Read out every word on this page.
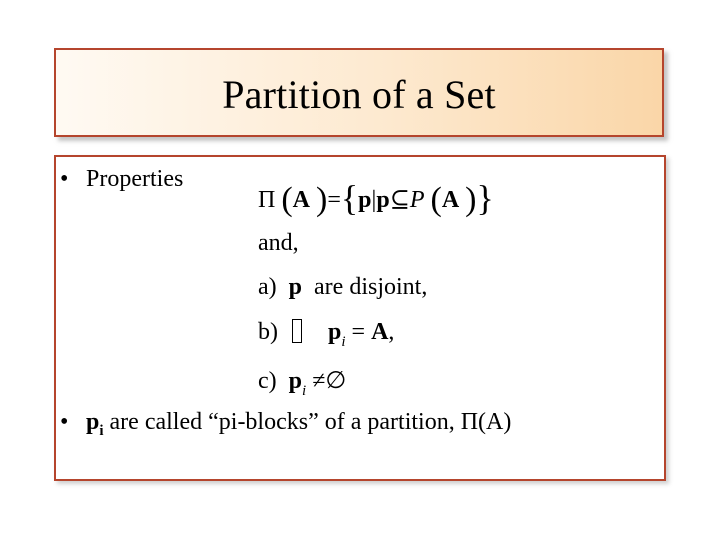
Partition of a Set
• Properties
Π (A )={p|p⊆P (A )}
and,
a) p are disjoint,
b) $p_i = A$,
c) $p_i$ ≠∅
• $p_i$ are called “pi-blocks” of a partition, Π(A)
